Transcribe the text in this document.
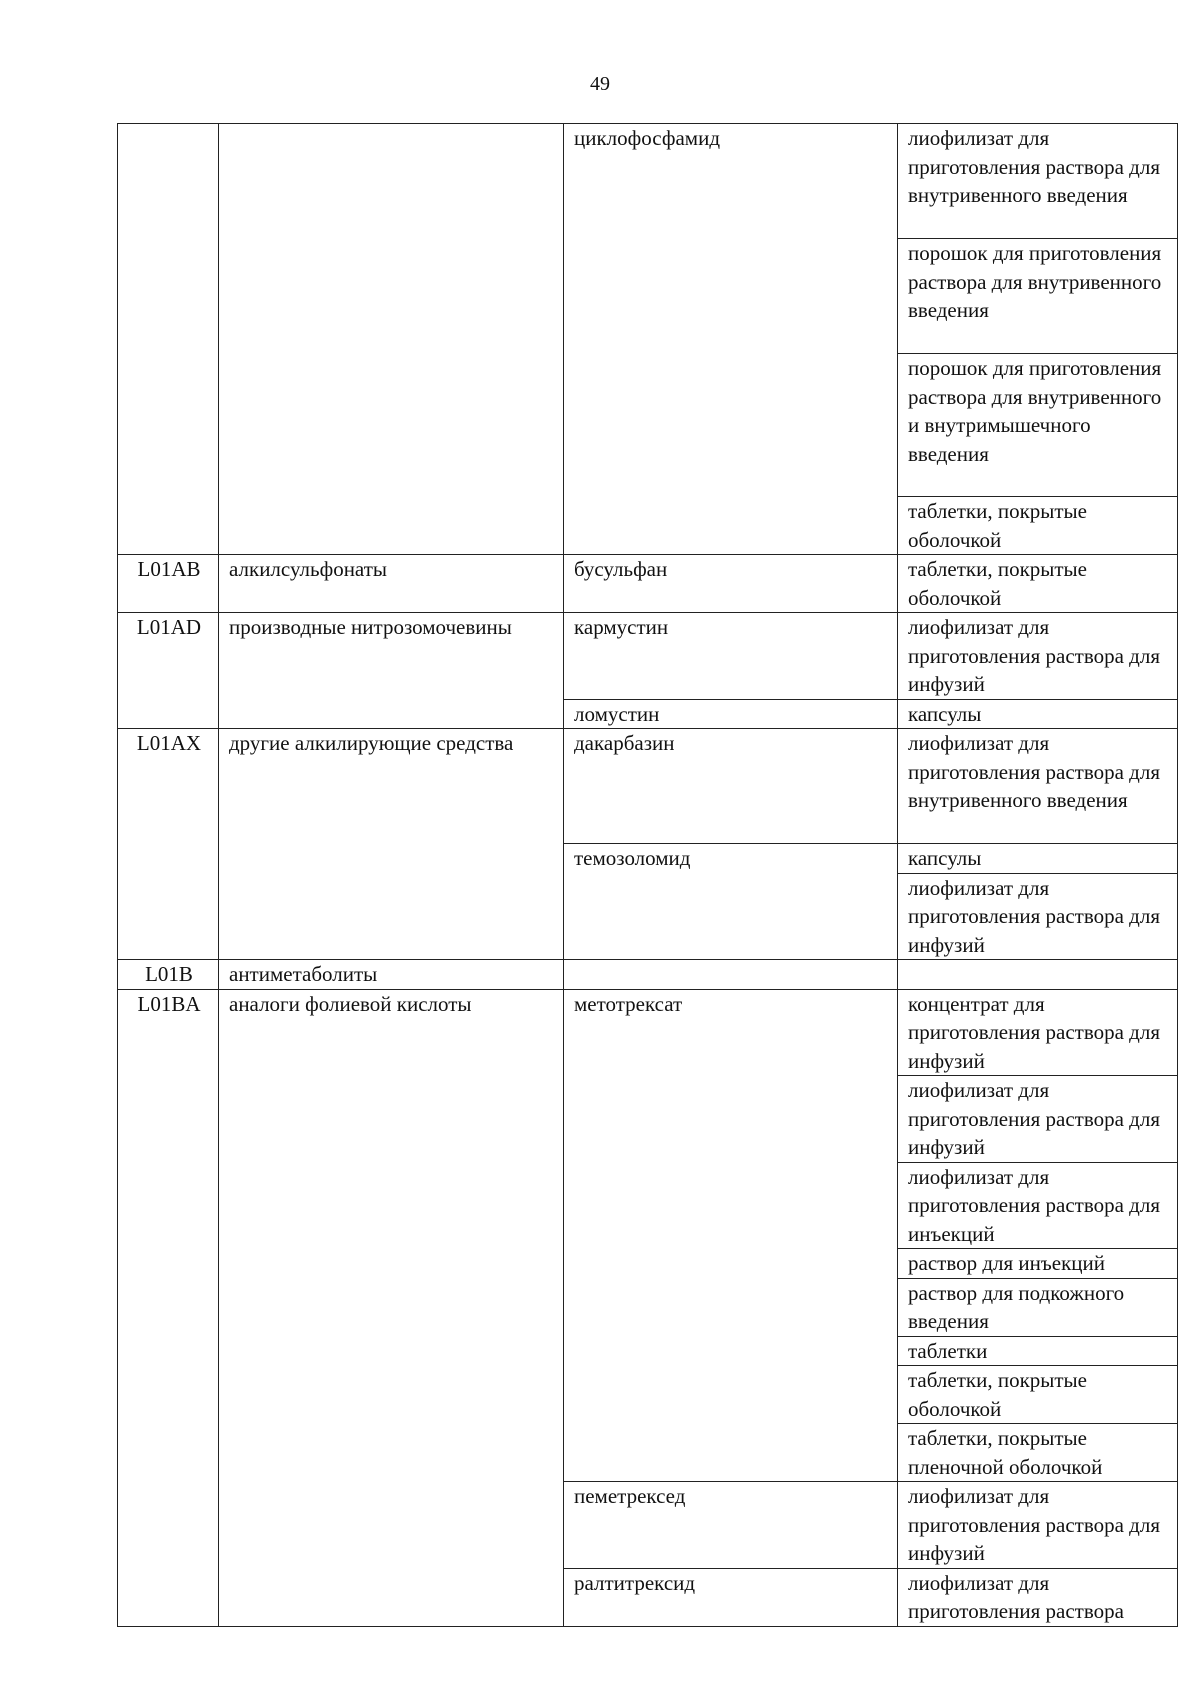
49
		циклофосфамид	лиофилизат для приготовления раствора для внутривенного введения
			порошок для приготовления раствора для внутривенного введения
			порошок для приготовления раствора для внутривенного и внутримышечного введения
			таблетки, покрытые оболочкой
L01AB	алкилсульфонаты	бусульфан	таблетки, покрытые оболочкой
L01AD	производные нитрозомочевины	кармустин	лиофилизат для приготовления раствора для инфузий
		ломустин	капсулы
L01AX	другие алкилирующие средства	дакарбазин	лиофилизат для приготовления раствора для внутривенного введения
		темозоломид	капсулы
			лиофилизат для приготовления раствора для инфузий
L01B	антиметаболиты		
L01BA	аналоги фолиевой кислоты	метотрексат	концентрат для приготовления раствора для инфузий
			лиофилизат для приготовления раствора для инфузий
			лиофилизат для приготовления раствора для инъекций
			раствор для инъекций
			раствор для подкожного введения
			таблетки
			таблетки, покрытые оболочкой
			таблетки, покрытые пленочной оболочкой
		пеметрексед	лиофилизат для приготовления раствора для инфузий
		ралтитрексид	лиофилизат для приготовления раствора
